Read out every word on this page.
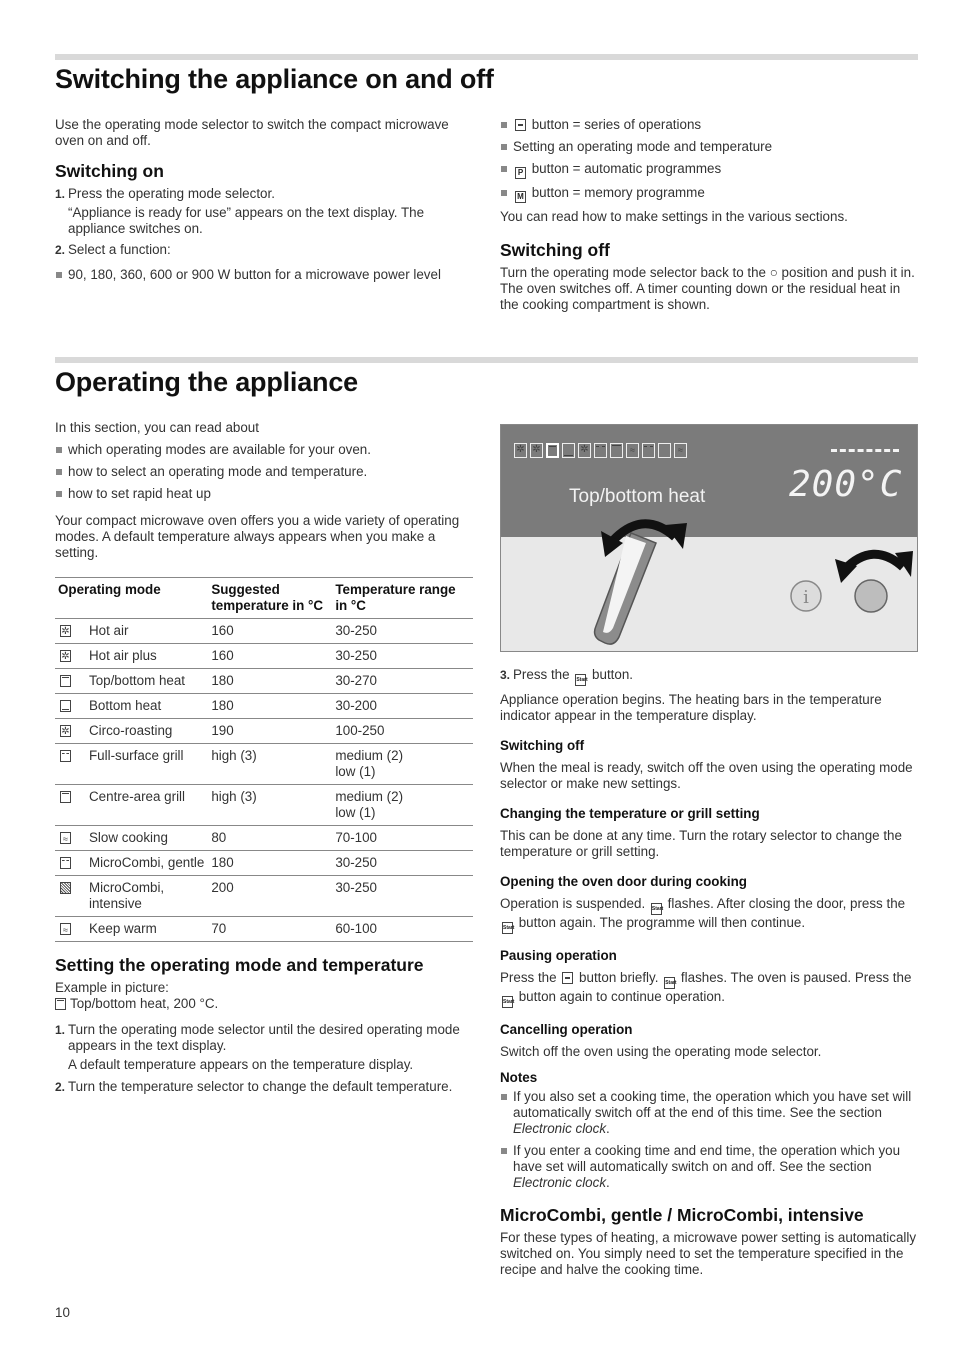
Switching the appliance on and off

Use the operating mode selector to switch the compact microwave oven on and off.

Switching on
1. Press the operating mode selector.
“Appliance is ready for use” appears on the text display. The appliance switches on.
2. Select a function:
90, 180, 360, 600 or 900 W button for a microwave power level
button = series of operations
Setting an operating mode and temperature
P button = automatic programmes
M button = memory programme

You can read how to make settings in the various sections.

Switching off

Turn the operating mode selector back to the ○ position and push it in. The oven switches off. A timer counting down or the residual heat in the cooking compartment is shown.

Operating the appliance

In this section, you can read about

which operating modes are available for your oven.
how to select an operating mode and temperature.
how to set rapid heat up

Your compact microwave oven offers you a wide variety of operating modes. A default temperature always appears when you make a setting.

Operating mode		Suggested temperature in °C	Temperature range in °C
✲	Hot air	160	30-250
✲	Hot air plus	160	30-250
	Top/bottom heat	180	30-270
	Bottom heat	180	30-200
✲	Circo-roasting	190	100-250
	Full-surface grill	high (3)	medium (2)
low (1)
	Centre-area grill	high (3)	medium (2)
low (1)
≈	Slow cooking	80	70-100
	MicroCombi, gentle	180	30-250
	MicroCombi, intensive	200	30-250
≈	Keep warm	70	60-100
Setting the operating mode and temperature

Example in picture:
Top/bottom heat, 200 °C.

1. Turn the operating mode selector until the desired operating mode appears in the text display.
A default temperature appears on the temperature display.
2. Turn the temperature selector to change the default temperature.
✲
✲
✲
≈
≈
Top/bottom heat 200°C
i
3. Press the Start button.

Appliance operation begins. The heating bars in the temperature indicator appear in the temperature display.

Switching off

When the meal is ready, switch off the oven using the operating mode selector or make new settings.

Changing the temperature or grill setting

This can be done at any time. Turn the rotary selector to change the temperature or grill setting.

Opening the oven door during cooking

Operation is suspended. Start flashes. After closing the door, press the Start button again. The programme will then continue.

Pausing operation

Press the button briefly. Start flashes. The oven is paused. Press the Start button again to continue operation.

Cancelling operation

Switch off the oven using the operating mode selector.

Notes
If you also set a cooking time, the operation which you have set will automatically switch off at the end of this time. See the section Electronic clock.
If you enter a cooking time and end time, the operation which you have set will automatically switch on and off. See the section Electronic clock.
MicroCombi, gentle / MicroCombi, intensive

For these types of heating, a microwave power setting is automatically switched on. You simply need to set the temperature specified in the recipe and halve the cooking time.

10
